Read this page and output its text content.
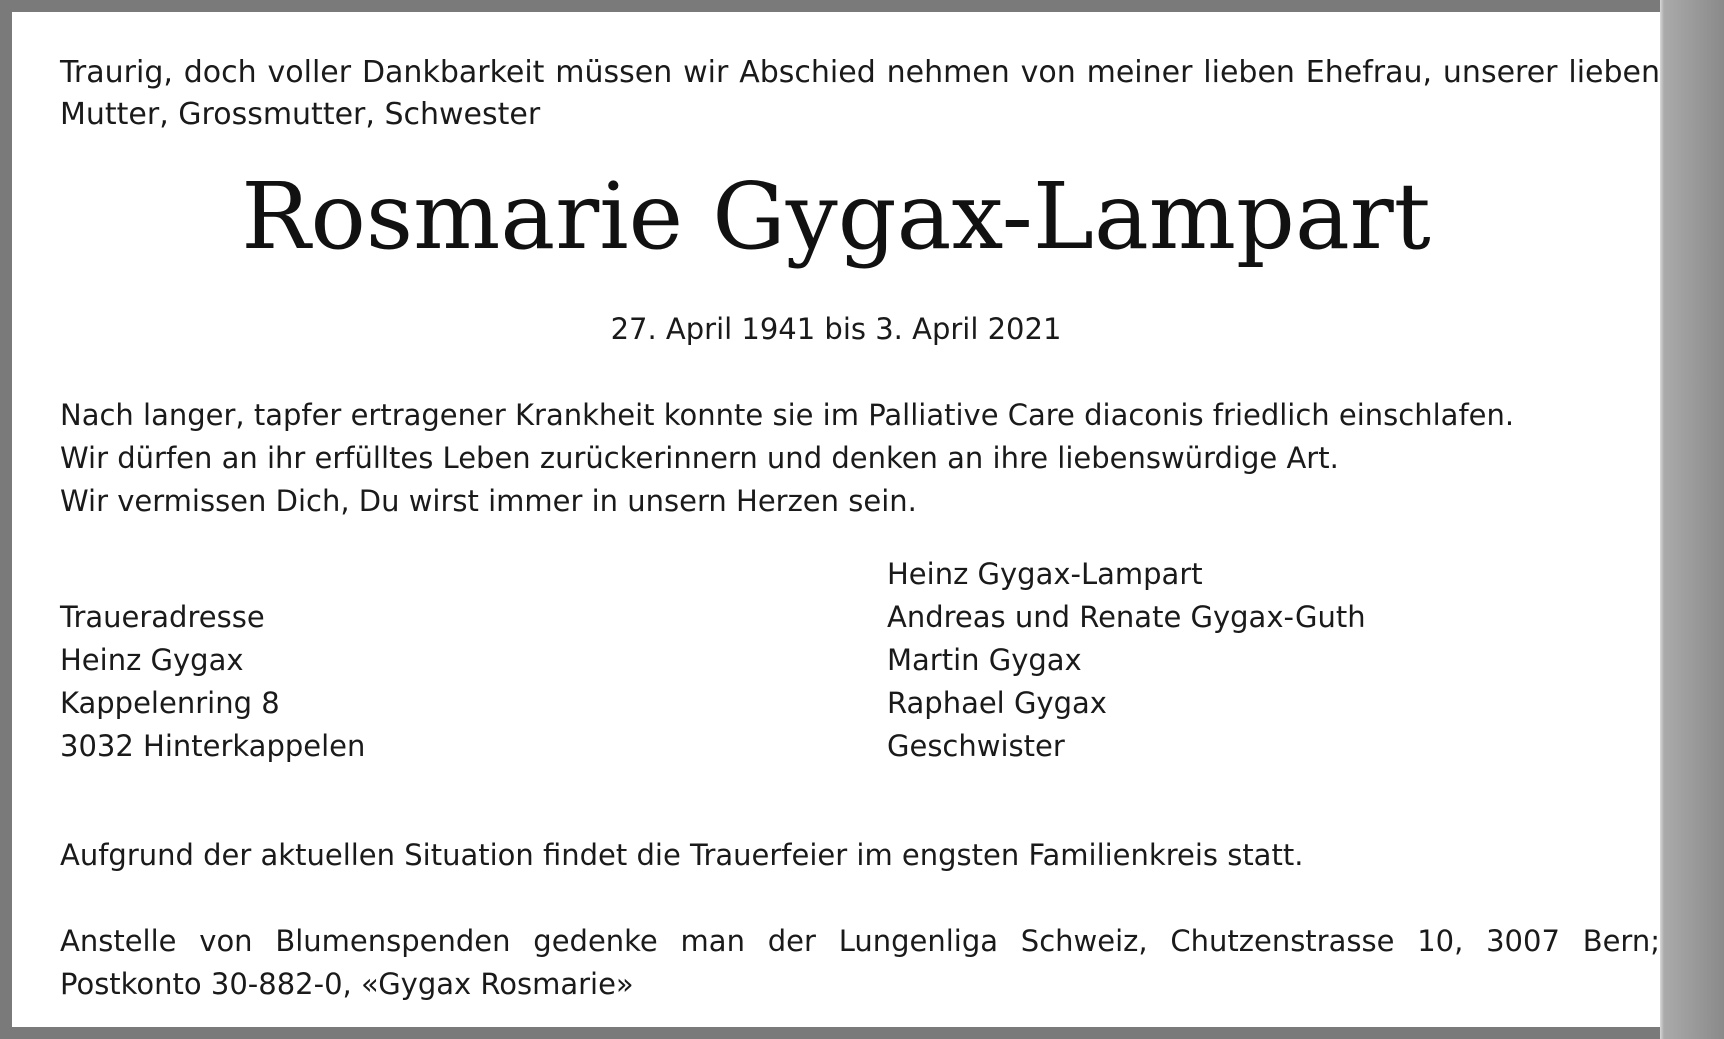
Traurig, doch voller Dankbarkeit müssen wir Abschied nehmen von meiner lieben Ehefrau, unserer lieben Mutter, Grossmutter, Schwester
Rosmarie Gygax-Lampart
27. April 1941 bis 3. April 2021
Nach langer, tapfer ertragener Krankheit konnte sie im Palliative Care diaconis friedlich einschlafen.
Wir dürfen an ihr erfülltes Leben zurückerinnern und denken an ihre liebenswürdige Art.
Wir vermissen Dich, Du wirst immer in unsern Herzen sein.
Heinz Gygax-Lampart
Andreas und Renate Gygax-Guth
Martin Gygax
Raphael Gygax
Geschwister
Traueradresse
Heinz Gygax
Kappelenring 8
3032 Hinterkappelen
Aufgrund der aktuellen Situation findet die Trauerfeier im engsten Familienkreis statt.
Anstelle von Blumenspenden gedenke man der Lungenliga Schweiz, Chutzenstrasse 10, 3007 Bern; Postkonto 30-882-0, «Gygax Rosmarie»
